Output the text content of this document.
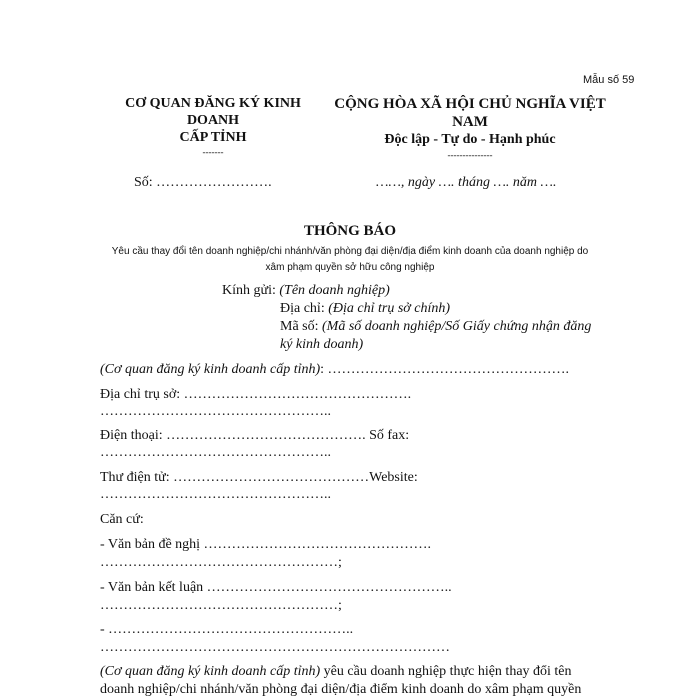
Mẫu số 59
CƠ QUAN ĐĂNG KÝ KINH
DOANH
CẤP TỈNH
-------
Số: …………………….
CỘNG HÒA XÃ HỘI CHỦ NGHĨA VIỆT
NAM
Độc lập - Tự do - Hạnh phúc
---------------
……, ngày …. tháng …. năm ….
THÔNG BÁO
Yêu cầu thay đổi tên doanh nghiệp/chi nhánh/văn phòng đại diện/địa điểm kinh doanh của doanh nghiệp do
xâm phạm quyền sở hữu công nghiệp
Kính gửi: (Tên doanh nghiệp)
Địa chỉ: (Địa chỉ trụ sở chính)
Mã số: (Mã số doanh nghiệp/Số Giấy chứng nhận đăng
ký kinh doanh)
(Cơ quan đăng ký kinh doanh cấp tỉnh): …………………………………………….
Địa chỉ trụ sở: ………………………………………….
…………………………………………..
Điện thoại: ……………………………………. Số fax:
…………………………………………..
Thư điện tử: ……………………………………Website:
…………………………………………..
Căn cứ:
- Văn bản đề nghị ………………………………………….
……………………………………………;
- Văn bản kết luận ……………………………………………..
……………………………………………;
- ……………………………………………..
…………………………………………………………………
(Cơ quan đăng ký kinh doanh cấp tỉnh) yêu cầu doanh nghiệp thực hiện thay đổi tên
doanh nghiệp/chi nhánh/văn phòng đại diện/địa điểm kinh doanh do xâm phạm quyền
